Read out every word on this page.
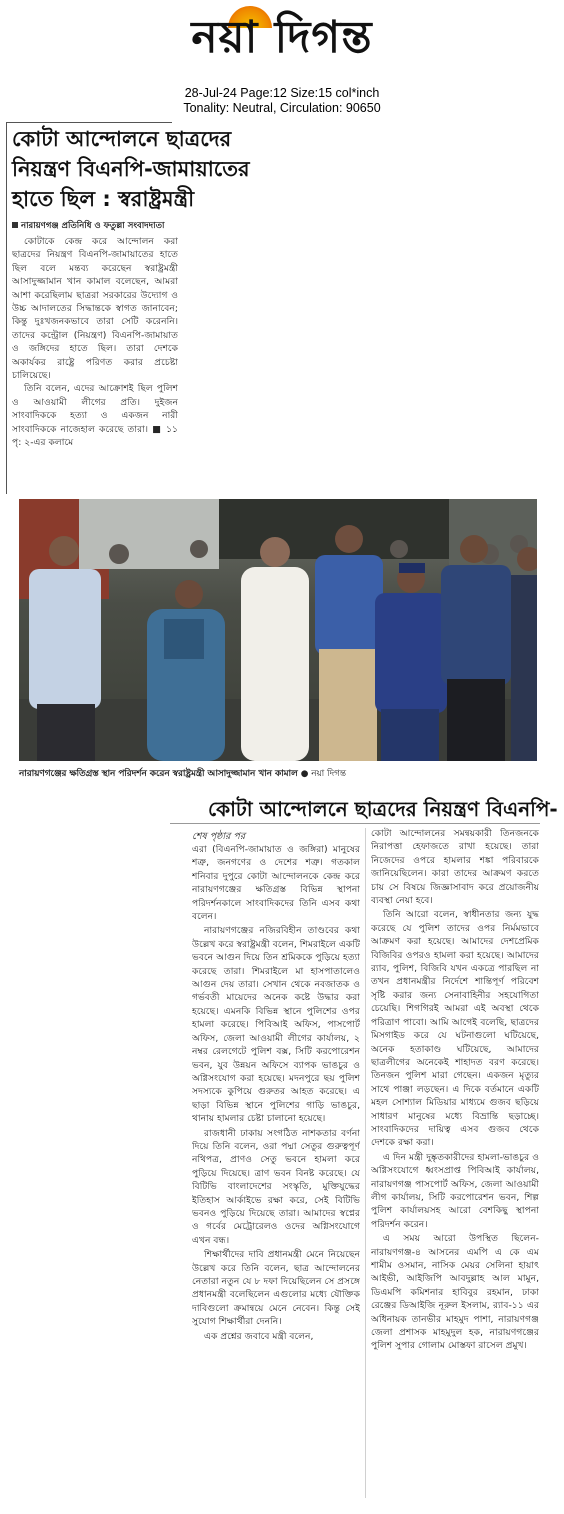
নয়া দিগন্ত
28-Jul-24 Page:12 Size:15 col*inch
Tonality: Neutral, Circulation: 90650
কোটা আন্দোলনে ছাত্রদের
নিয়ন্ত্রণ বিএনপি-জামায়াতের
হাতে ছিল : স্বরাষ্ট্রমন্ত্রী
নারায়ণগঞ্জ প্রতিনিধি ও ফতুল্লা সংবাদদাতা

কোটাকে কেন্দ্র করে আন্দোলন করা ছাত্রদের নিয়ন্ত্রণ বিএনপি-জামায়াতের হাতে ছিল বলে মন্তব্য করেছেন স্বরাষ্ট্রমন্ত্রী আসাদুজ্জামান খান কামাল বলেছেন, আমরা আশা করেছিলাম ছাত্ররা সরকারের উদ্যোগ ও উচ্চ আদালতের সিদ্ধান্তকে স্বাগত জানাবেন; কিন্তু দুঃখজনকভাবে তারা সেটি করেননি। তাদের কন্ট্রোল (নিয়ন্ত্রণ) বিএনপি-জামায়াত ও জঙ্গিদের হাতে ছিল। তারা দেশকে অকার্যকর রাষ্ট্রে পরিণত করার প্রচেষ্টা চালিয়েছে।

তিনি বলেন, এদের আক্রোশই ছিল পুলিশ ও আওয়ামী লীগের প্রতি। দুইজন সাংবাদিককে হত্যা ও একজন নারী সাংবাদিককে নাজেহাল করেছে তারা। ■ ১১ পৃ: ২-এর কলামে

নারায়ণগঞ্জের ক্ষতিগ্রস্ত স্থান পরিদর্শন করেন স্বরাষ্ট্রমন্ত্রী আসাদুজ্জামান খান কামাল ● নয়া দিগন্ত
কোটা আন্দোলনে ছাত্রদের নিয়ন্ত্রণ বিএনপি-
শেষ পৃষ্ঠার পর

এরা (বিএনপি-জামায়াত ও জঙ্গিরা) মানুষের শত্রু, জনগণের ও দেশের শত্রু। গতকাল শনিবার দুপুরে কোটা আন্দোলনকে কেন্দ্র করে নারায়ণগঞ্জের ক্ষতিগ্রস্ত বিভিন্ন স্থাপনা পরিদর্শনকালে সাংবাদিকদের তিনি এসব কথা বলেন।

নারায়ণগঞ্জের নজিরবিহীন তাণ্ডবের কথা উল্লেখ করে স্বরাষ্ট্রমন্ত্রী বলেন, শিমরাইলে একটি ভবনে আগুন দিয়ে তিন শ্রমিককে পুড়িয়ে হত্যা করেছে তারা। শিমরাইলে মা হাসপাতালেও আগুন দেয় তারা। সেখান থেকে নবজাতক ও গর্ভবতী মায়েদের অনেক কষ্টে উদ্ধার করা হয়েছে। এমনকি বিভিন্ন স্থানে পুলিশের ওপর হামলা করেছে। পিবিআই অফিস, পাসপোর্ট অফিস, জেলা আওয়ামী লীগের কার্যালয়, ২ নম্বর রেলগেটে পুলিশ বক্স, সিটি করপোরেশন ভবন, যুব উন্নয়ন অফিসে ব্যাপক ভাঙচুর ও অগ্নিসংযোগ করা হয়েছে। মদনপুরে ছয় পুলিশ সদস্যকে কুপিয়ে গুরুতর আহত করেছে। এ ছাড়া বিভিন্ন স্থানে পুলিশের গাড়ি ভাঙচুর, থানায় হামলার চেষ্টা চালানো হয়েছে।

রাজধানী ঢাকায় সংগঠিত নাশকতার বর্ণনা দিয়ে তিনি বলেন, ওরা পদ্মা সেতুর গুরুত্বপূর্ণ নথিপত্র, প্রাণও সেতু ভবনে হামলা করে পুড়িয়ে দিয়েছে। ত্রাণ ভবন বিনষ্ট করেছে। যে বিটিভি বাংলাদেশের সংস্কৃতি, মুক্তিযুদ্ধের ইতিহাস আর্কাইভে রক্ষা করে, সেই বিটিভি ভবনও পুড়িয়ে দিয়েছে তারা। আমাদের স্বপ্নের ও গর্বের মেট্রোরেলও ওদের অগ্নিসংযোগে এখন বন্ধ।

শিক্ষার্থীদের দাবি প্রধানমন্ত্রী মেনে নিয়েছেন উল্লেখ করে তিনি বলেন, ছাত্র আন্দোলনের নেতারা নতুন যে ৮ দফা দিয়েছিলেন সে প্রসঙ্গে প্রধানমন্ত্রী বলেছিলেন এগুলোর মধ্যে যৌক্তিক দাবিগুলো ক্রমান্বয়ে মেনে নেবেন। কিন্তু সেই সুযোগ শিক্ষার্থীরা দেননি।

এক প্রশ্নের জবাবে মন্ত্রী বলেন,

কোটা আন্দোলনের সমন্বয়কারী তিনজনকে নিরাপত্তা হেফাজতে রাখা হয়েছে। তারা নিজেদের ওপরে হামলার শঙ্কা পরিবারকে জানিয়েছিলেন। কারা তাদের আক্রমণ করতে চায় সে বিষয়ে জিজ্ঞাসাবাদ করে প্রয়োজনীয় ব্যবস্থা নেয়া হবে।

তিনি আরো বলেন, স্বাধীনতার জন্য যুদ্ধ করেছে যে পুলিশ তাদের ওপর নির্মমভাবে আক্রমণ করা হয়েছে। আমাদের দেশপ্রেমিক বিজিবির ওপরও হামলা করা হয়েছে। আমাদের র‌্যাব, পুলিশ, বিজিবি যখন একত্রে পারছিল না তখন প্রধানমন্ত্রীর নির্দেশে শান্তিপূর্ণ পরিবেশ সৃষ্টি করার জন্য সেনাবাহিনীর সহযোগিতা চেয়েছি। শিগগিরই আমরা এই অবস্থা থেকে পরিত্রাণ পাবো। আমি আগেই বলেছি, ছাত্রদের মিসগাইড করে যে ঘটনাগুলো ঘটিয়েছে, অনেক হতাকাণ্ড ঘটিয়েছে, আমাদের ছাত্রলীগের অনেকেই শাহাদত বরণ করেছে। তিনজন পুলিশ মারা গেছেন। একজন মৃত্যুর সাথে পাঞ্জা লড়ছেন। এ দিকে বর্তমানে একটি মহল সোশ্যাল মিডিয়ার মাধ্যমে গুজব ছড়িয়ে সাধারণ মানুষের মধ্যে বিভ্রান্তি ছড়াচ্ছে। সাংবাদিকদের দায়িত্ব এসব গুজব থেকে দেশকে রক্ষা করা।

এ দিন মন্ত্রী দুষ্কৃতকারীদের হামলা-ভাঙচুর ও অগ্নিসংযোগে ধ্বংসপ্রাপ্ত পিবিআই কার্যালয়, নারায়ণগঞ্জ পাসপোর্ট অফিস, জেলা আওয়ামী লীগ কার্যালয়, সিটি করপোরেশন ভবন, শিল্প পুলিশ কার্যালয়সহ আরো বেশকিছু স্থাপনা পরিদর্শন করেন।

এ সময় আরো উপস্থিত ছিলেন- নারায়ণগঞ্জ-৪ আসনের এমপি এ কে এম শামীম ওসমান, নাসিক মেয়র সেলিনা হায়াৎ আইভী, আইজিপি আবদুল্লাহ আল মামুন, ডিএমপি কমিশনার হাবিবুর রহমান, ঢাকা রেঞ্জের ডিআইজি নূরুল ইসলাম, র‌্যাব-১১ এর অধিনায়ক তানভীর মাহমুদ পাশা, নারায়ণগঞ্জ জেলা প্রশাসক মাহমুদুল হক, নারায়ণগঞ্জের পুলিশ সুপার গোলাম মোস্তফা রাসেল প্রমুখ।
